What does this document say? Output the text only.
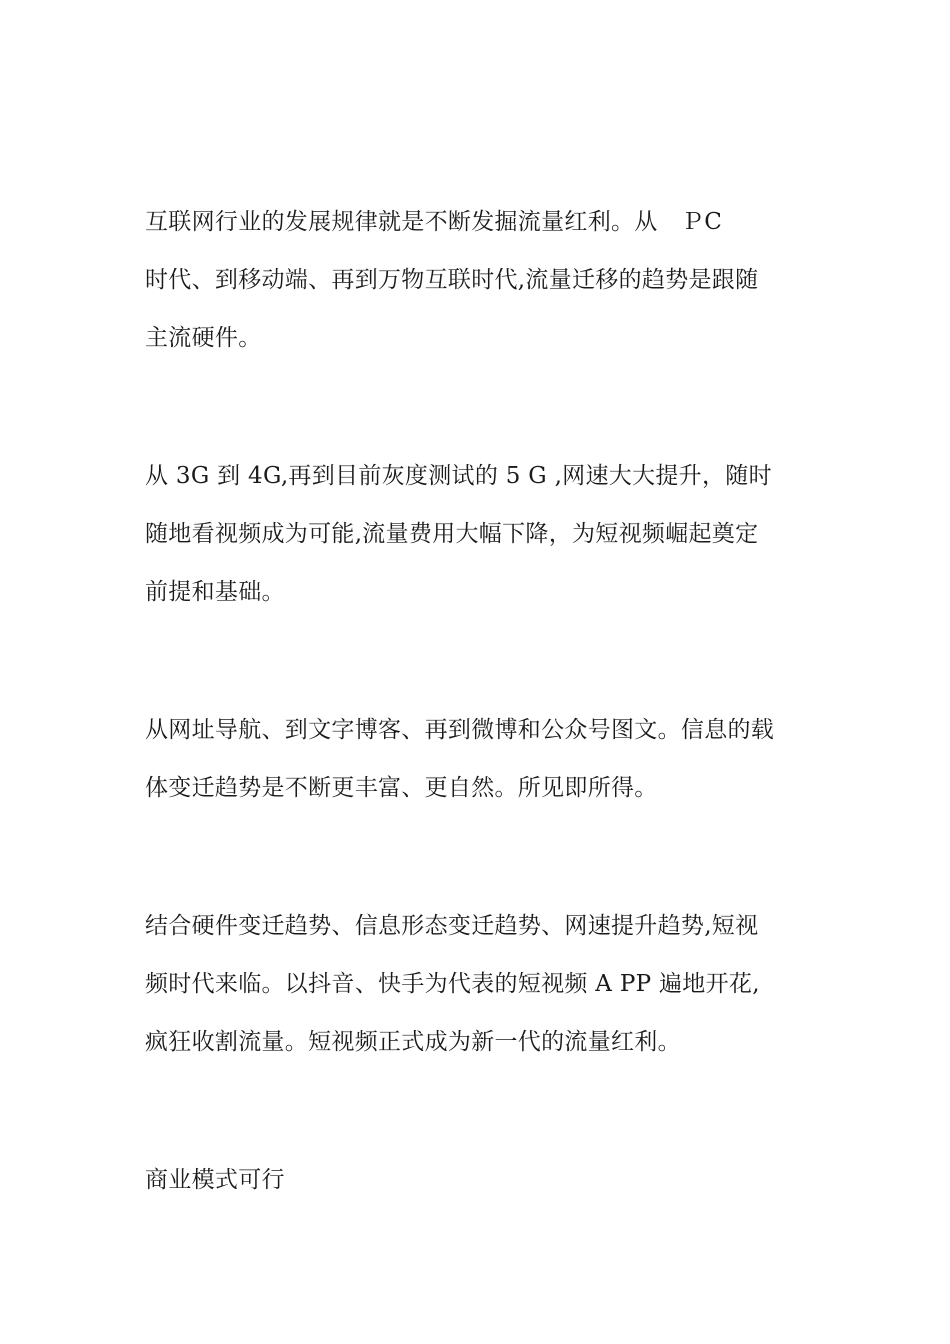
互联网行业的发展规律就是不断发掘流量红利。从　ＰC
时代、到移动端、再到万物互联时代,流量迁移的趋势是跟随
主流硬件。
从 3G 到 4G,再到目前灰度测试的 5 G ,网速大大提升，随时
随地看视频成为可能,流量费用大幅下降，为短视频崛起奠定
前提和基础。
从网址导航、到文字博客、再到微博和公众号图文。信息的载
体变迁趋势是不断更丰富、更自然。所见即所得。
结合硬件变迁趋势、信息形态变迁趋势、网速提升趋势,短视
频时代来临。以抖音、快手为代表的短视频 A PP 遍地开花,
疯狂收割流量。短视频正式成为新一代的流量红利。
商业模式可行
